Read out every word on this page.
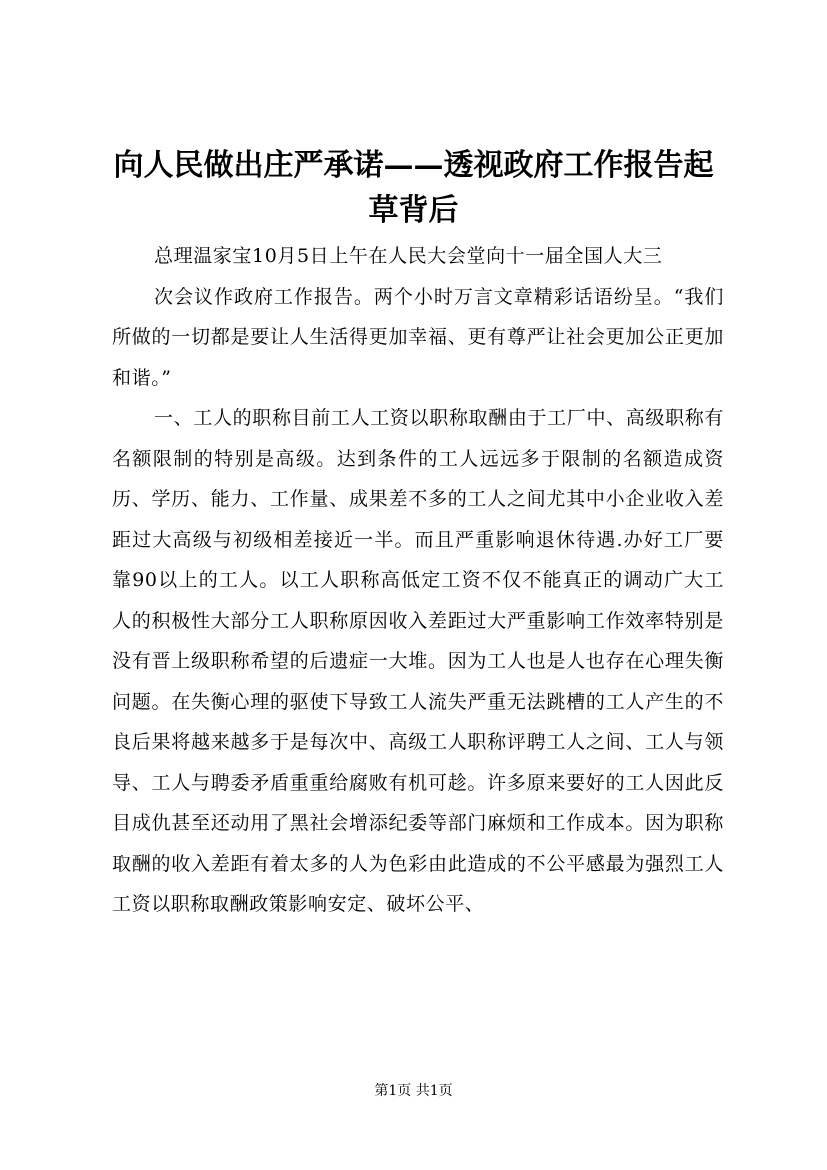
向人民做出庄严承诺——透视政府工作报告起草背后

总理温家宝10月5日上午在人民大会堂向十一届全国人大三

次会议作政府工作报告。两个小时万言文章精彩话语纷呈。“我们所做的一切都是要让人生活得更加幸福、更有尊严让社会更加公正更加和谐。”

一、工人的职称目前工人工资以职称取酬由于工厂中、高级职称有名额限制的特别是高级。达到条件的工人远远多于限制的名额造成资历、学历、能力、工作量、成果差不多的工人之间尤其中小企业收入差距过大高级与初级相差接近一半。而且严重影响退休待遇.办好工厂要靠90以上的工人。以工人职称高低定工资不仅不能真正的调动广大工人的积极性大部分工人职称原因收入差距过大严重影响工作效率特别是没有晋上级职称希望的后遗症一大堆。因为工人也是人也存在心理失衡问题。在失衡心理的驱使下导致工人流失严重无法跳槽的工人产生的不良后果将越来越多于是每次中、高级工人职称评聘工人之间、工人与领导、工人与聘委矛盾重重给腐败有机可趁。许多原来要好的工人因此反目成仇甚至还动用了黑社会增添纪委等部门麻烦和工作成本。因为职称取酬的收入差距有着太多的人为色彩由此造成的不公平感最为强烈工人工资以职称取酬政策影响安定、破坏公平、

第1页 共1页
